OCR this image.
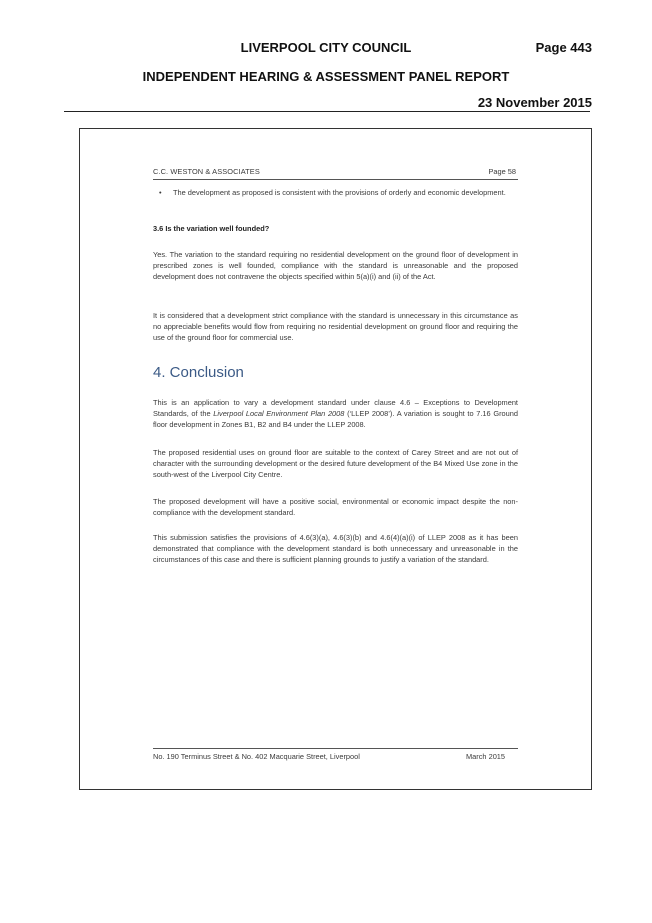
LIVERPOOL CITY COUNCIL	Page 443
INDEPENDENT HEARING & ASSESSMENT PANEL REPORT
23 November 2015
C.C. WESTON & ASSOCIATES	Page 58
• The development as proposed is consistent with the provisions of orderly and economic development.
3.6 Is the variation well founded?

Yes. The variation to the standard requiring no residential development on the ground floor of development in prescribed zones is well founded, compliance with the standard is unreasonable and the proposed development does not contravene the objects specified within 5(a)(i) and (ii) of the Act.

It is considered that a development strict compliance with the standard is unnecessary in this circumstance as no appreciable benefits would flow from requiring no residential development on ground floor and requiring the use of the ground floor for commercial use.

4. Conclusion

This is an application to vary a development standard under clause 4.6 – Exceptions to Development Standards, of the Liverpool Local Environment Plan 2008 (‘LLEP 2008’). A variation is sought to 7.16 Ground floor development in Zones B1, B2 and B4 under the LLEP 2008.

The proposed residential uses on ground floor are suitable to the context of Carey Street and are not out of character with the surrounding development or the desired future development of the B4 Mixed Use zone in the south-west of the Liverpool City Centre.

The proposed development will have a positive social, environmental or economic impact despite the non-compliance with the development standard.

This submission satisfies the provisions of 4.6(3)(a), 4.6(3)(b) and 4.6(4)(a)(i) of LLEP 2008 as it has been demonstrated that compliance with the development standard is both unnecessary and unreasonable in the circumstances of this case and there is sufficient planning grounds to justify a variation of the standard.

No. 190 Terminus Street & No. 402 Macquarie Street, Liverpool	March 2015
